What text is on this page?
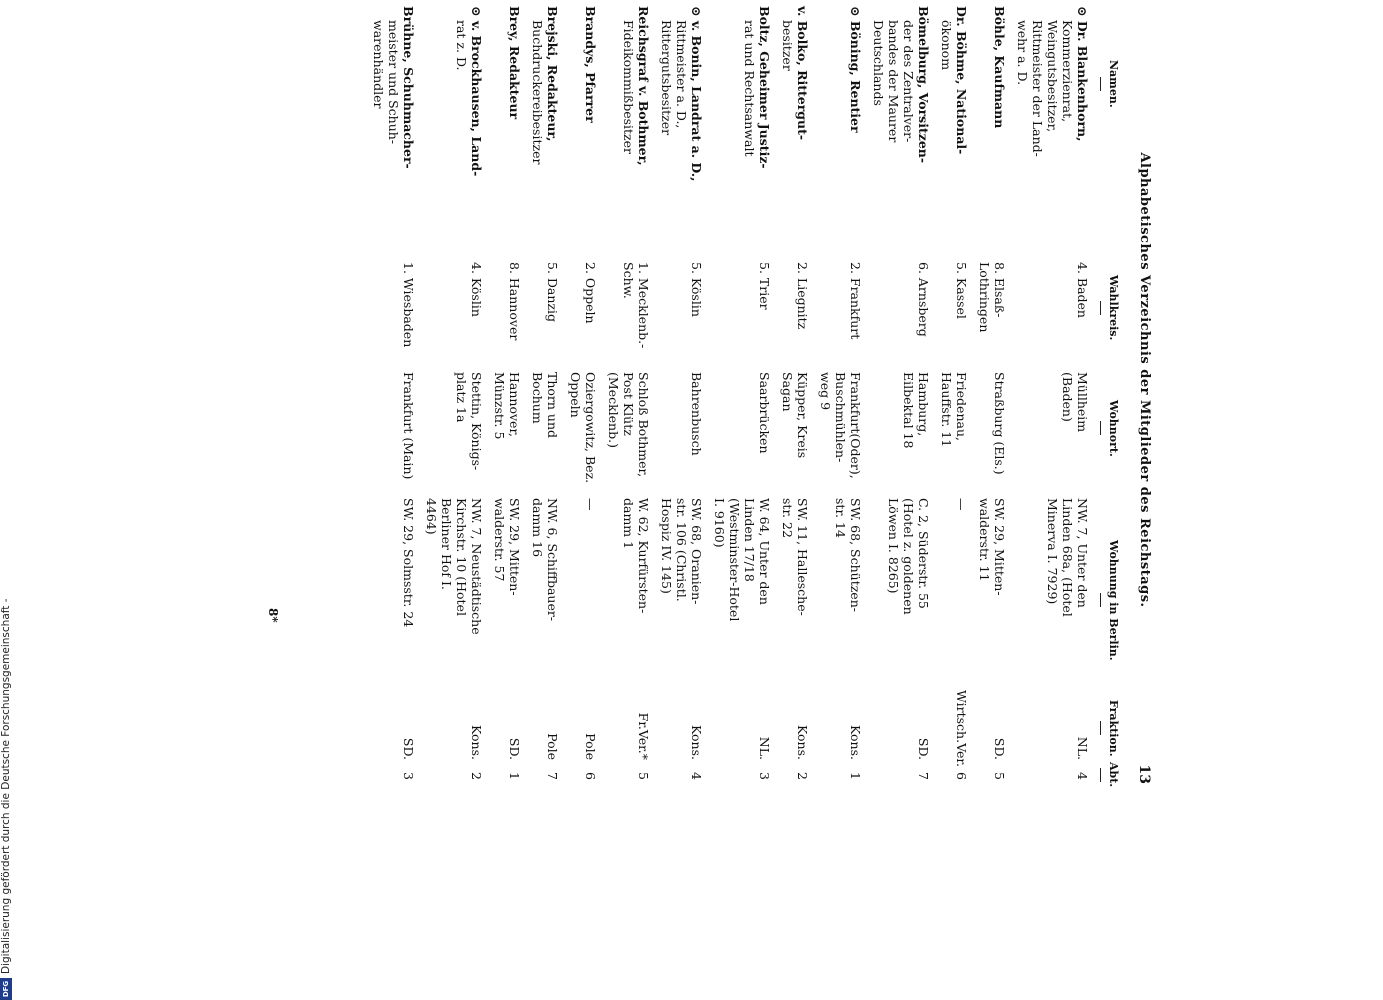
Alphabetisches Verzeichnis der Mitglieder des Reichstags.
13
Namen.
Wahlkreis.
Wohnort.
Wohnung in Berlin.
Fraktion.
Abt.
⊙ Dr. Blankenhorn,
Kommerzienrat,
Weingutsbesitzer,
Rittmeister der Land-
wehr a. D.
4. Baden
Müllheim
(Baden)
NW. 7, Unter den
Linden 68a, (Hotel
Minerva I. 7929)
NL.
4
Böhle, Kaufmann
8. Elsaß-
Lothringen
Straßburg (Els.)
SW. 29, Mitten-
walderstr. 11
SD.
5
Dr. Böhme, National-
ökonom
5. Kassel
Friedenau,
Hauffstr. 11
—
Wirtsch.Ver.
6
Bömelburg, Vorsitzen-
der des Zentralver-
bandes der Maurer
Deutschlands
6. Arnsberg
Hamburg,
Eilbektal 18
C. 2, Süderstr. 55
(Hotel z. goldenen
Löwen I. 8265)
SD.
7
⊙ Böning, Rentier
2. Frankfurt
Frankfurt(Oder),
Buschmühlen-
weg 9
SW. 68, Schützen-
str. 14
Kons.
1
v. Bolko, Rittergut-
besitzer
2. Liegnitz
Küpper, Kreis
Sagan
SW. 11, Hallesche-
str. 22
Kons.
2
Boltz, Geheimer Justiz-
rat und Rechtsanwalt
5. Trier
Saarbrücken
W. 64, Unter den
Linden 17/18
(Westminster-Hotel
I. 9160)
NL.
3
⊙ v. Bonin, Landrat a. D.,
Rittmeister a. D.,
Rittergutsbesitzer
5. Köslin
Bahrenbusch
SW. 68, Oranien-
str. 106 (Christl.
Hospiz IV. 145)
Kons.
4
Reichsgraf v. Bothmer,
Fideikommißbesitzer
1. Mecklenb.-
Schw.
Schloß Bothmer,
Post Klütz
(Mecklenb.)
W. 62, Kurfürsten-
damm 1
Fr.Ver.*
5
Brandys, Pfarrer
2. Oppeln
Oziergowitz, Bez.
Oppeln
—
Pole
6
Brejski, Redakteur,
Buchdruckereibesitzer
5. Danzig
Thorn und
Bochum
NW. 6, Schiffbauer-
damm 16
Pole
7
Brey, Redakteur
8. Hannover
Hannover,
Münzstr. 5
SW. 29, Mitten-
walderstr. 57
SD.
1
⊙ v. Brockhausen, Land-
rat z. D.
4. Köslin
Stettin, Königs-
platz 1a
NW. 7, Neustädtische
Kirchstr. 10 (Hotel
Berliner Hof I.
4464)
Kons.
2
Brühne, Schuhmacher-
meister und Schuh-
warenhändler
1. Wiesbaden
Frankfurt (Main)
SW. 29, Solmsstr. 24
SD.
3
8*
DFGDigitalisierung gefördert durch die Deutsche Forschungsgemeinschaft -
